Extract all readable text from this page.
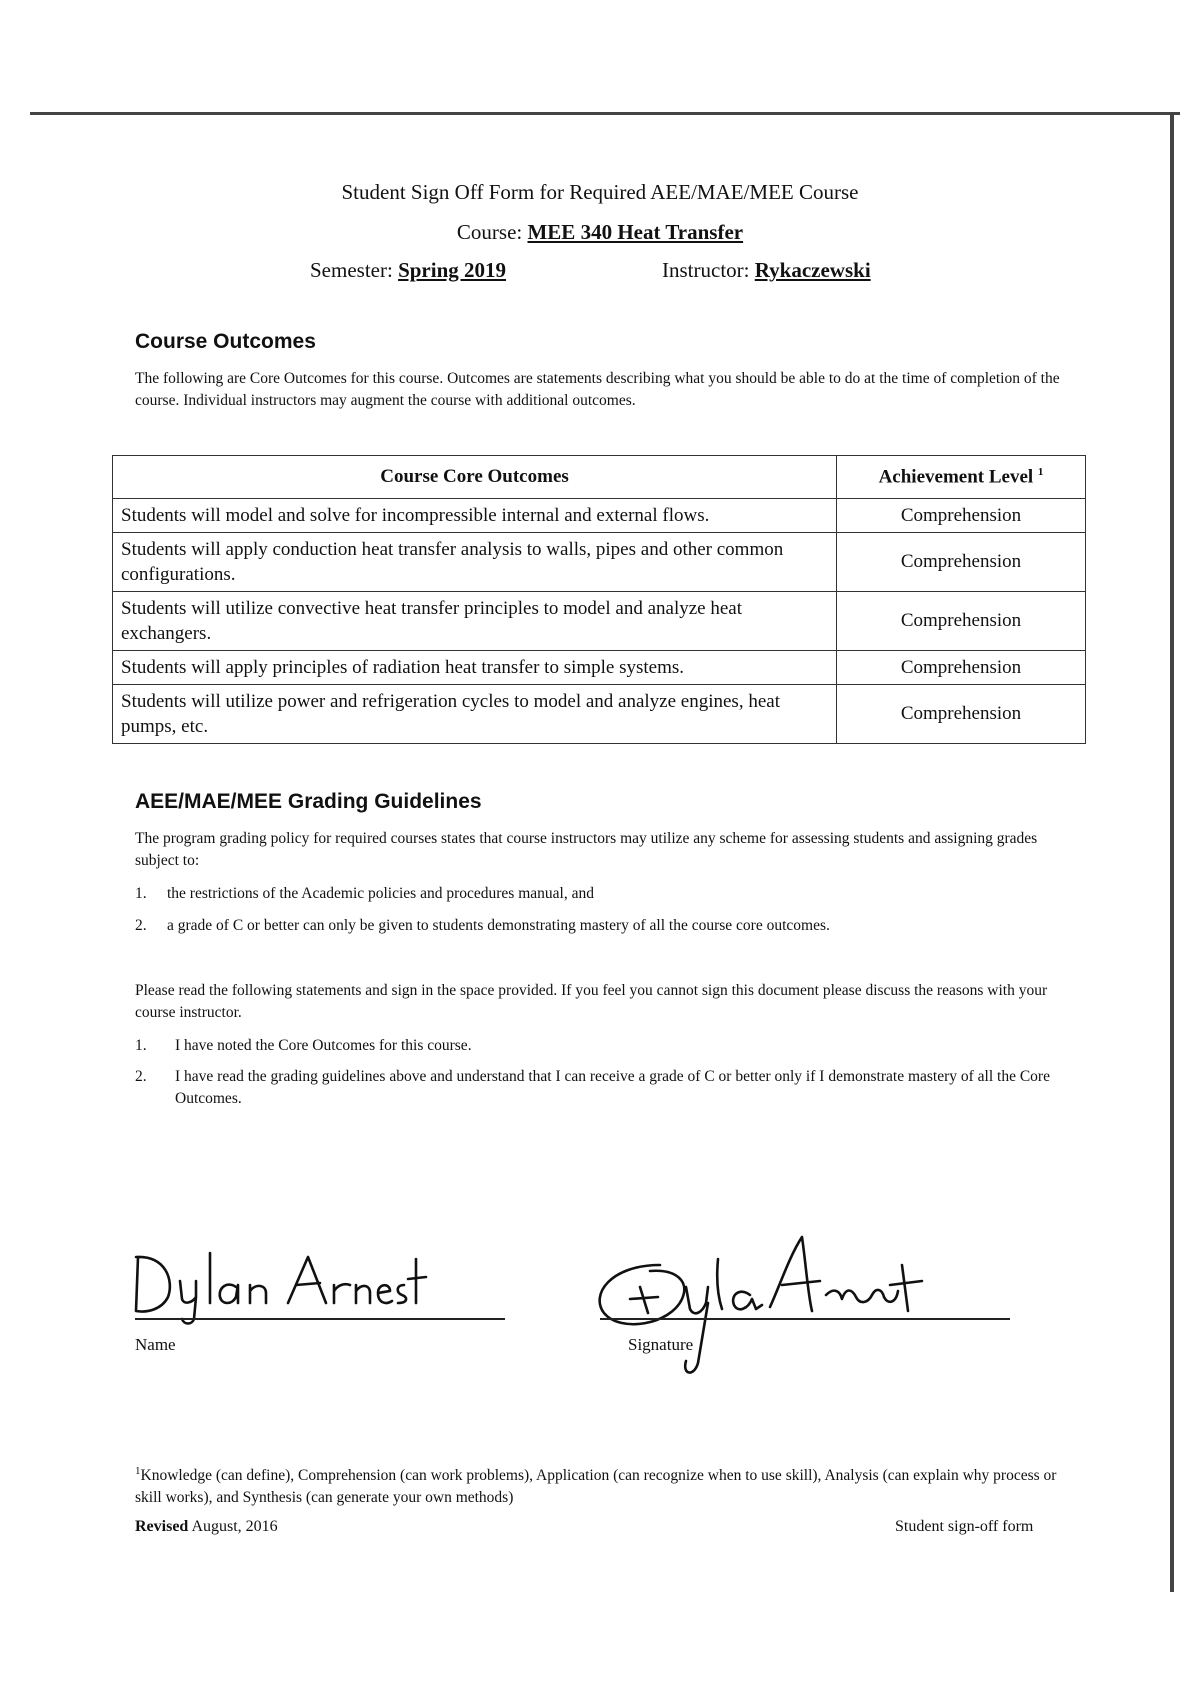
Student Sign Off Form for Required AEE/MAE/MEE Course
Course: MEE 340 Heat Transfer
Semester: Spring 2019	Instructor: Rykaczewski
Course Outcomes
The following are Core Outcomes for this course. Outcomes are statements describing what you should be able to do at the time of completion of the course. Individual instructors may augment the course with additional outcomes.
Course Core Outcomes	Achievement Level $^1$
Students will model and solve for incompressible internal and external flows.	Comprehension
Students will apply conduction heat transfer analysis to walls, pipes and other common configurations.	Comprehension
Students will utilize convective heat transfer principles to model and analyze heat exchangers.	Comprehension
Students will apply principles of radiation heat transfer to simple systems.	Comprehension
Students will utilize power and refrigeration cycles to model and analyze engines, heat pumps, etc.	Comprehension
AEE/MAE/MEE Grading Guidelines
The program grading policy for required courses states that course instructors may utilize any scheme for assessing students and assigning grades subject to:
1. the restrictions of the Academic policies and procedures manual, and
2. a grade of C or better can only be given to students demonstrating mastery of all the course core outcomes.
Please read the following statements and sign in the space provided. If you feel you cannot sign this document please discuss the reasons with your course instructor.
1. I have noted the Core Outcomes for this course.
2. I have read the grading guidelines above and understand that I can receive a grade of C or better only if I demonstrate mastery of all the Core Outcomes.
Name	Signature
$^1$Knowledge (can define), Comprehension (can work problems), Application (can recognize when to use skill), Analysis (can explain why process or skill works), and Synthesis (can generate your own methods)
Revised August, 2016	Student sign-off form
